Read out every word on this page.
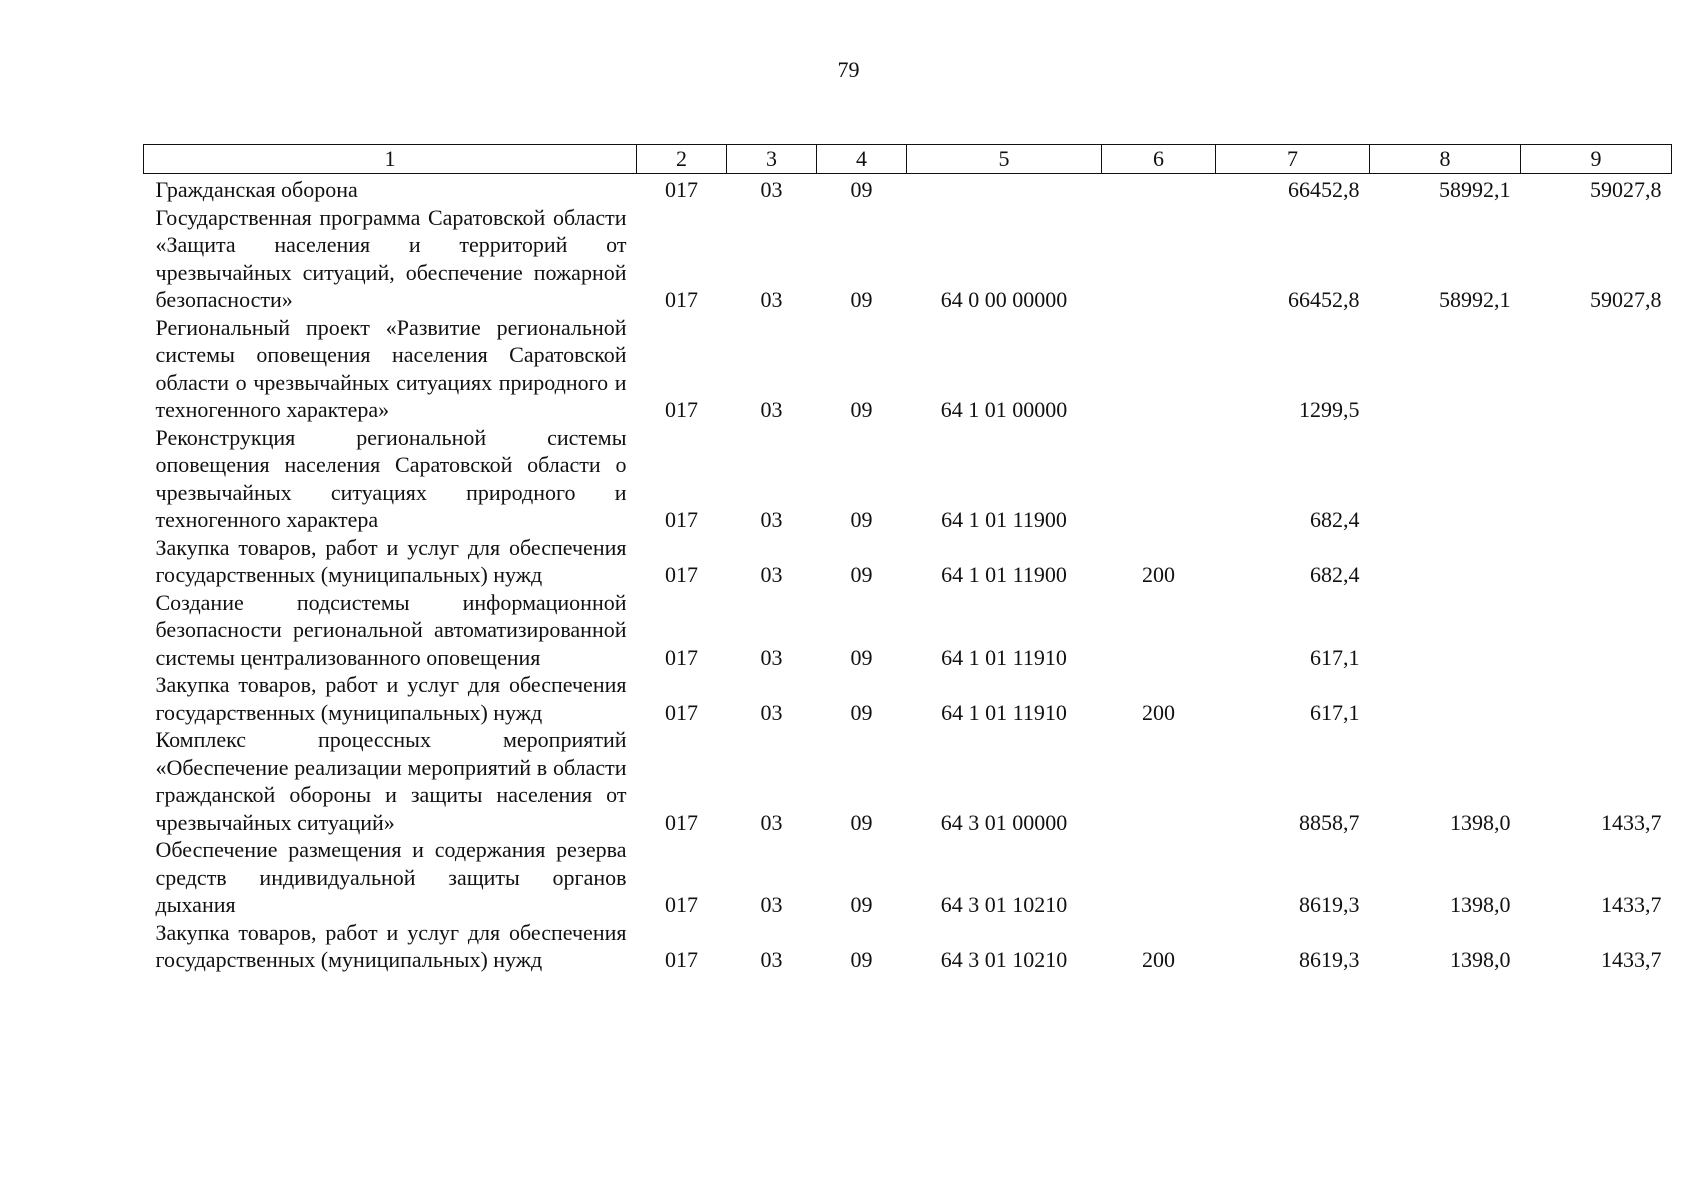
79
1	2	3	4	5	6	7	8	9
Гражданская оборона	017	03	09			66452,8	58992,1	59027,8
Государственная программа Саратовской области «Защита населения и территорий от чрезвычайных ситуаций, обеспечение пожарной безопасности»	017	03	09	64 0 00 00000		66452,8	58992,1	59027,8
Региональный проект «Развитие региональной системы оповещения населения Саратовской области о чрезвычайных ситуациях природного и техногенного характера»	017	03	09	64 1 01 00000		1299,5		
Реконструкция региональной системы оповещения населения Саратовской области о чрезвычайных ситуациях природного и техногенного характера	017	03	09	64 1 01 11900		682,4		
Закупка товаров, работ и услуг для обеспечения государственных (муниципальных) нужд	017	03	09	64 1 01 11900	200	682,4		
Создание подсистемы информационной безопасности региональной автоматизированной системы централизованного оповещения	017	03	09	64 1 01 11910		617,1		
Закупка товаров, работ и услуг для обеспечения государственных (муниципальных) нужд	017	03	09	64 1 01 11910	200	617,1		
Комплекс процессных мероприятий «Обеспечение реализации мероприятий в области гражданской обороны и защиты населения от чрезвычайных ситуаций»	017	03	09	64 3 01 00000		8858,7	1398,0	1433,7
Обеспечение размещения и содержания резерва средств индивидуальной защиты органов дыхания	017	03	09	64 3 01 10210		8619,3	1398,0	1433,7
Закупка товаров, работ и услуг для обеспечения государственных (муниципальных) нужд	017	03	09	64 3 01 10210	200	8619,3	1398,0	1433,7
